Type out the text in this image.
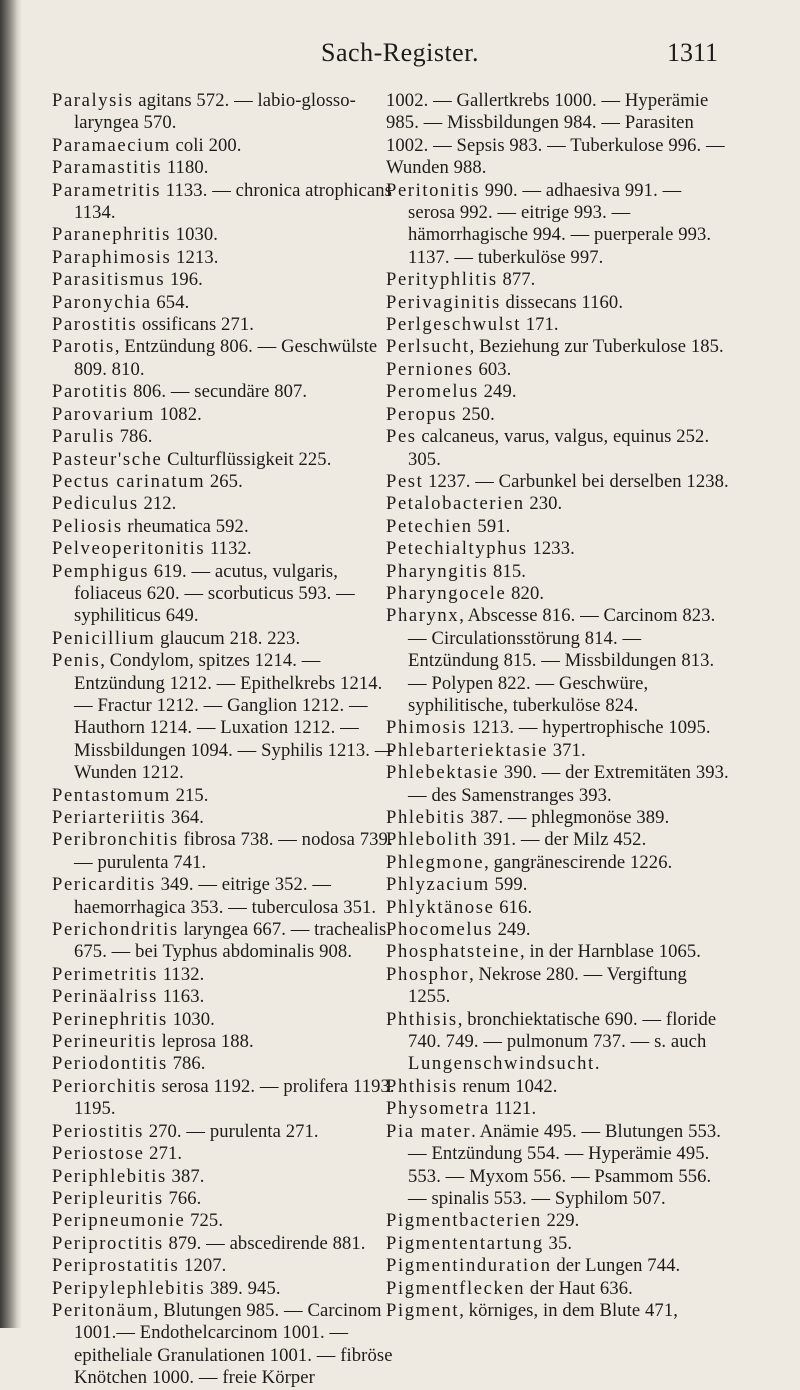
Sach-Register.	1311

Paralysis agitans 572. — labio-glosso-laryngea 570.

Paramaecium coli 200.

Paramastitis 1180.

Parametritis 1133. — chronica atrophicans 1134.

Paranephritis 1030.

Paraphimosis 1213.

Parasitismus 196.

Paronychia 654.

Parostitis ossificans 271.

Parotis, Entzündung 806. — Geschwülste 809. 810.

Parotitis 806. — secundäre 807.

Parovarium 1082.

Parulis 786.

Pasteur'sche Culturflüssigkeit 225.

Pectus carinatum 265.

Pediculus 212.

Peliosis rheumatica 592.

Pelveoperitonitis 1132.

Pemphigus 619. — acutus, vulgaris, foliaceus 620. — scorbuticus 593. — syphiliticus 649.

Penicillium glaucum 218. 223.

Penis, Condylom, spitzes 1214. — Entzündung 1212. — Epithelkrebs 1214. — Fractur 1212. — Ganglion 1212. — Hauthorn 1214. — Luxation 1212. — Missbildungen 1094. — Syphilis 1213. — Wunden 1212.

Pentastomum 215.

Periarteriitis 364.

Peribronchitis fibrosa 738. — nodosa 739. — purulenta 741.

Pericarditis 349. — eitrige 352. — haemorrhagica 353. — tuberculosa 351.

Perichondritis laryngea 667. — trachealis 675. — bei Typhus abdominalis 908.

Perimetritis 1132.

Perinäalriss 1163.

Perinephritis 1030.

Perineuritis leprosa 188.

Periodontitis 786.

Periorchitis serosa 1192. — prolifera 1193. 1195.

Periostitis 270. — purulenta 271.

Periostose 271.

Periphlebitis 387.

Peripleuritis 766.

Peripneumonie 725.

Periproctitis 879. — abscedirende 881.

Periprostatitis 1207.

Peripylephlebitis 389. 945.

Peritonäum, Blutungen 985. — Carcinom 1001.— Endothelcarcinom 1001. — epitheliale Granulationen 1001. — fibröse Knötchen 1000. — freie Körper

1002. — Gallertkrebs 1000. — Hyperämie 985. — Missbildungen 984. — Parasiten 1002. — Sepsis 983. — Tuberkulose 996. — Wunden 988.

Peritonitis 990. — adhaesiva 991. — serosa 992. — eitrige 993. — hämorrhagische 994. — puerperale 993. 1137. — tuberkulöse 997.

Perityphlitis 877.

Perivaginitis dissecans 1160.

Perlgeschwulst 171.

Perlsucht, Beziehung zur Tuberkulose 185.

Perniones 603.

Peromelus 249.

Peropus 250.

Pes calcaneus, varus, valgus, equinus 252. 305.

Pest 1237. — Carbunkel bei derselben 1238.

Petalobacterien 230.

Petechien 591.

Petechialtyphus 1233.

Pharyngitis 815.

Pharyngocele 820.

Pharynx, Abscesse 816. — Carcinom 823. — Circulationsstörung 814. — Entzündung 815. — Missbildungen 813. — Polypen 822. — Geschwüre, syphilitische, tuberkulöse 824.

Phimosis 1213. — hypertrophische 1095.

Phlebarteriektasie 371.

Phlebektasie 390. — der Extremitäten 393. — des Samenstranges 393.

Phlebitis 387. — phlegmonöse 389.

Phlebolith 391. — der Milz 452.

Phlegmone, gangränescirende 1226.

Phlyzacium 599.

Phlyktänose 616.

Phocomelus 249.

Phosphatsteine, in der Harnblase 1065.

Phosphor, Nekrose 280. — Vergiftung 1255.

Phthisis, bronchiektatische 690. — floride 740. 749. — pulmonum 737. — s. auch Lungenschwindsucht.

Phthisis renum 1042.

Physometra 1121.

Pia mater. Anämie 495. — Blutungen 553. — Entzündung 554. — Hyperämie 495. 553. — Myxom 556. — Psammom 556. — spinalis 553. — Syphilom 507.

Pigmentbacterien 229.

Pigmententartung 35.

Pigmentinduration der Lungen 744.

Pigmentflecken der Haut 636.

Pigment, körniges, in dem Blute 471,
